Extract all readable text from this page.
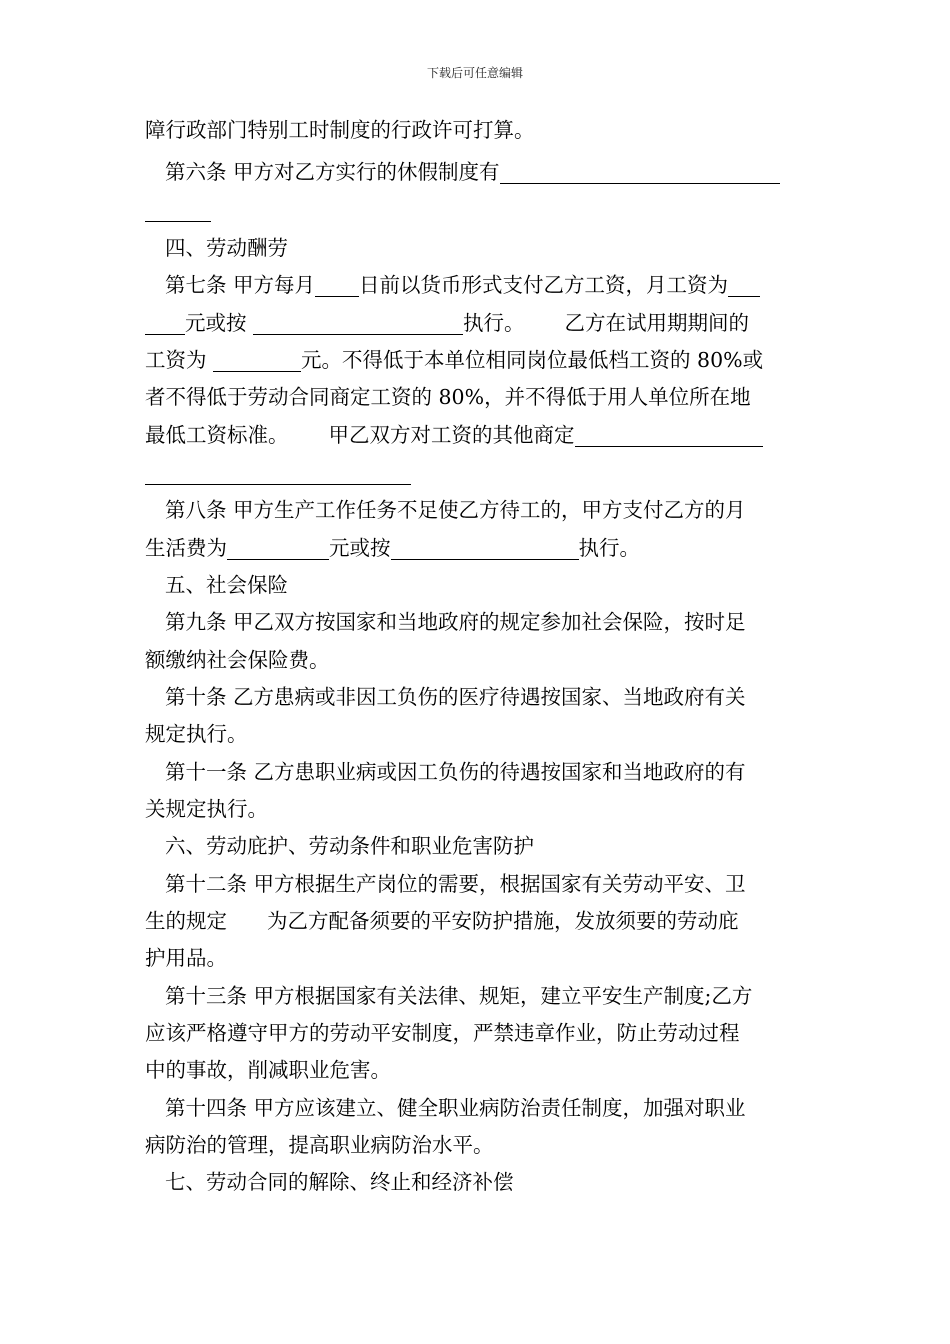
下载后可任意编辑
障行政部门特别工时制度的行政许可打算。
第六条 甲方对乙方实行的休假制度有
四、劳动酬劳
第七条 甲方每月 日前以货币形式支付乙方工资，月工资为
元或按	执行。 乙方在试用期期间的
工资为	元。不得低于本单位相同岗位最低档工资的 80%或
者不得低于劳动合同商定工资的 80%，并不得低于用人单位所在地
最低工资标准。 甲乙双方对工资的其他商定
第八条 甲方生产工作任务不足使乙方待工的，甲方支付乙方的月
生活费为	元或按	执行。
五、社会保险
第九条 甲乙双方按国家和当地政府的规定参加社会保险，按时足
额缴纳社会保险费。
第十条 乙方患病或非因工负伤的医疗待遇按国家、当地政府有关
规定执行。
第十一条 乙方患职业病或因工负伤的待遇按国家和当地政府的有
关规定执行。
六、劳动庇护、劳动条件和职业危害防护
第十二条 甲方根据生产岗位的需要，根据国家有关劳动平安、卫
生的规定 为乙方配备须要的平安防护措施，发放须要的劳动庇
护用品。
第十三条 甲方根据国家有关法律、规矩，建立平安生产制度;乙方
应该严格遵守甲方的劳动平安制度，严禁违章作业，防止劳动过程
中的事故，削减职业危害。
第十四条 甲方应该建立、健全职业病防治责任制度，加强对职业
病防治的管理，提高职业病防治水平。
七、劳动合同的解除、终止和经济补偿
